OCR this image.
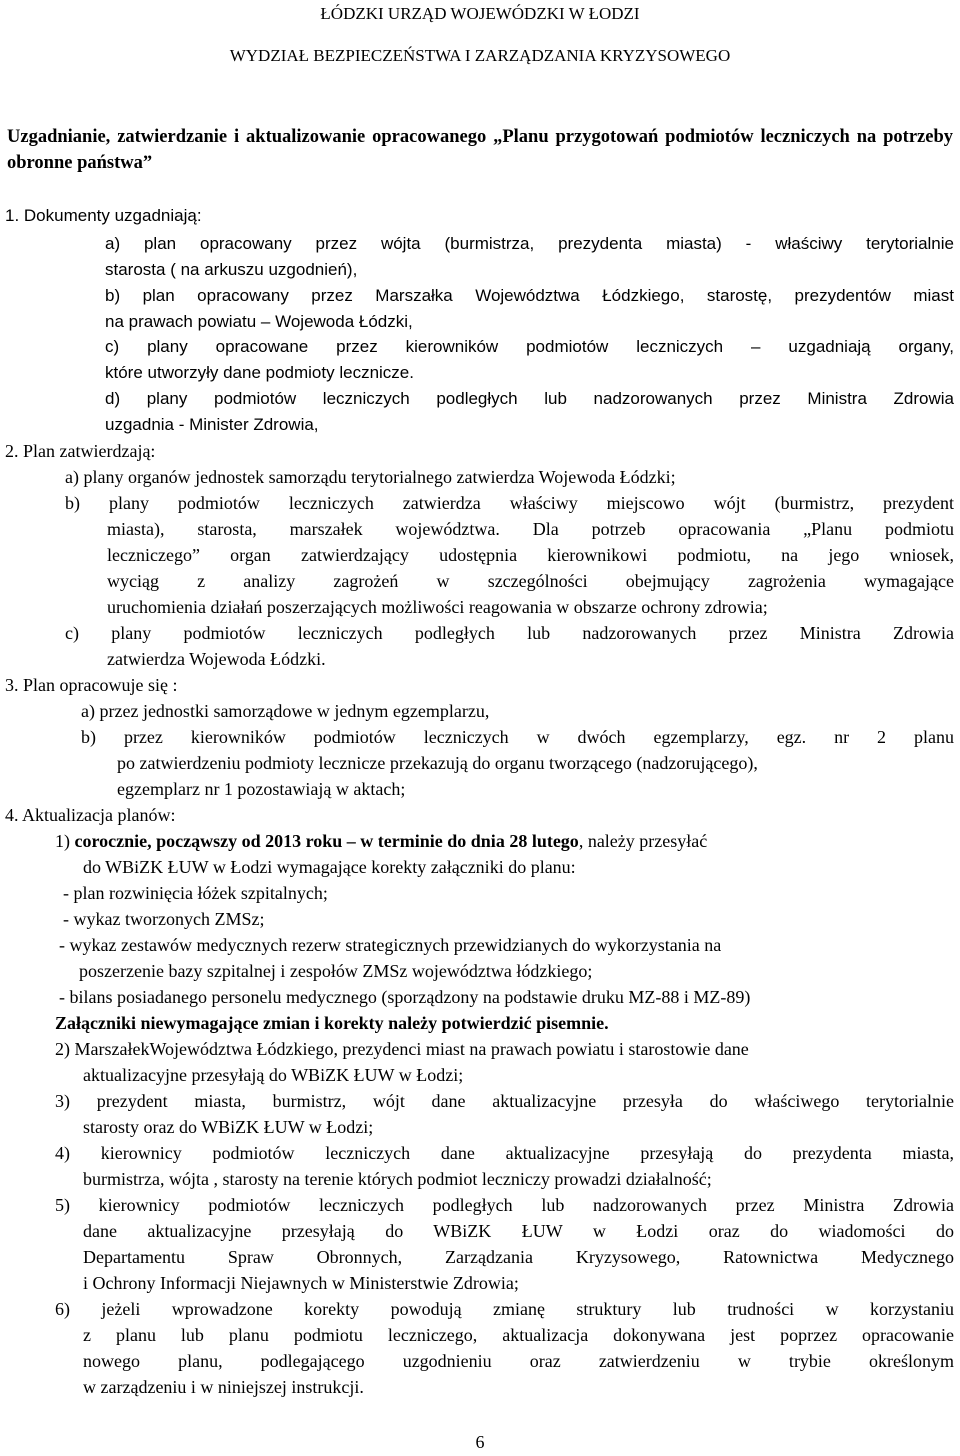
ŁÓDZKI URZĄD WOJEWÓDZKI W ŁODZI
WYDZIAŁ BEZPIECZEŃSTWA I ZARZĄDZANIA KRYZYSOWEGO
Uzgadnianie, zatwierdzanie i aktualizowanie opracowanego „Planu przygotowań podmiotów leczniczych na potrzeby obronne państwa”
1. Dokumenty uzgadniają:
a) plan opracowany przez wójta (burmistrza, prezydenta miasta) - właściwy terytorialnie
starosta ( na arkuszu uzgodnień),
b) plan opracowany przez Marszałka Województwa Łódzkiego, starostę, prezydentów miast
na prawach powiatu – Wojewoda Łódzki,
c) plany opracowane przez kierowników podmiotów leczniczych – uzgadniają organy,
które utworzyły dane podmioty lecznicze.
d) plany podmiotów leczniczych podległych lub nadzorowanych przez Ministra Zdrowia
uzgadnia - Minister Zdrowia,
2. Plan zatwierdzają:
a) plany organów jednostek samorządu terytorialnego zatwierdza Wojewoda Łódzki;
b) plany podmiotów leczniczych zatwierdza właściwy miejscowo wójt (burmistrz, prezydent
miasta), starosta, marszałek województwa. Dla potrzeb opracowania „Planu podmiotu
leczniczego” organ zatwierdzający udostępnia kierownikowi podmiotu, na jego wniosek,
wyciąg z analizy zagrożeń w szczególności obejmujący zagrożenia wymagające
uruchomienia działań poszerzających możliwości reagowania w obszarze ochrony zdrowia;
c) plany podmiotów leczniczych podległych lub nadzorowanych przez Ministra Zdrowia
zatwierdza Wojewoda Łódzki.
3. Plan opracowuje się :
a) przez jednostki samorządowe w jednym egzemplarzu,
b) przez kierowników podmiotów leczniczych w dwóch egzemplarzy, egz. nr 2 planu
po zatwierdzeniu podmioty lecznicze przekazują do organu tworzącego (nadzorującego),
egzemplarz nr 1 pozostawiają w aktach;
4. Aktualizacja planów:
1) corocznie, począwszy od 2013 roku – w terminie do dnia 28 lutego, należy przesyłać
do WBiZK ŁUW w Łodzi wymagające korekty załączniki do planu:
- plan rozwinięcia łóżek szpitalnych;
- wykaz tworzonych ZMSz;
- wykaz zestawów medycznych rezerw strategicznych przewidzianych do wykorzystania na
poszerzenie bazy szpitalnej i zespołów ZMSz województwa łódzkiego;
- bilans posiadanego personelu medycznego (sporządzony na podstawie druku MZ-88 i MZ-89)
Załączniki niewymagające zmian i korekty należy potwierdzić pisemnie.
2) MarszałekWojewództwa Łódzkiego, prezydenci miast na prawach powiatu i starostowie dane
aktualizacyjne przesyłają do WBiZK ŁUW w Łodzi;
3) prezydent miasta, burmistrz, wójt dane aktualizacyjne przesyła do właściwego terytorialnie
starosty oraz do WBiZK ŁUW w Łodzi;
4) kierownicy podmiotów leczniczych dane aktualizacyjne przesyłają do prezydenta miasta,
burmistrza, wójta , starosty na terenie których podmiot leczniczy prowadzi działalność;
5) kierownicy podmiotów leczniczych podległych lub nadzorowanych przez Ministra Zdrowia
dane aktualizacyjne przesyłają do WBiZK ŁUW w Łodzi oraz do wiadomości do
Departamentu Spraw Obronnych, Zarządzania Kryzysowego, Ratownictwa Medycznego
i Ochrony Informacji Niejawnych w Ministerstwie Zdrowia;
6) jeżeli wprowadzone korekty powodują zmianę struktury lub trudności w korzystaniu
z planu lub planu podmiotu leczniczego, aktualizacja dokonywana jest poprzez opracowanie
nowego planu, podlegającego uzgodnieniu oraz zatwierdzeniu w trybie określonym
w zarządzeniu i w niniejszej instrukcji.
6
